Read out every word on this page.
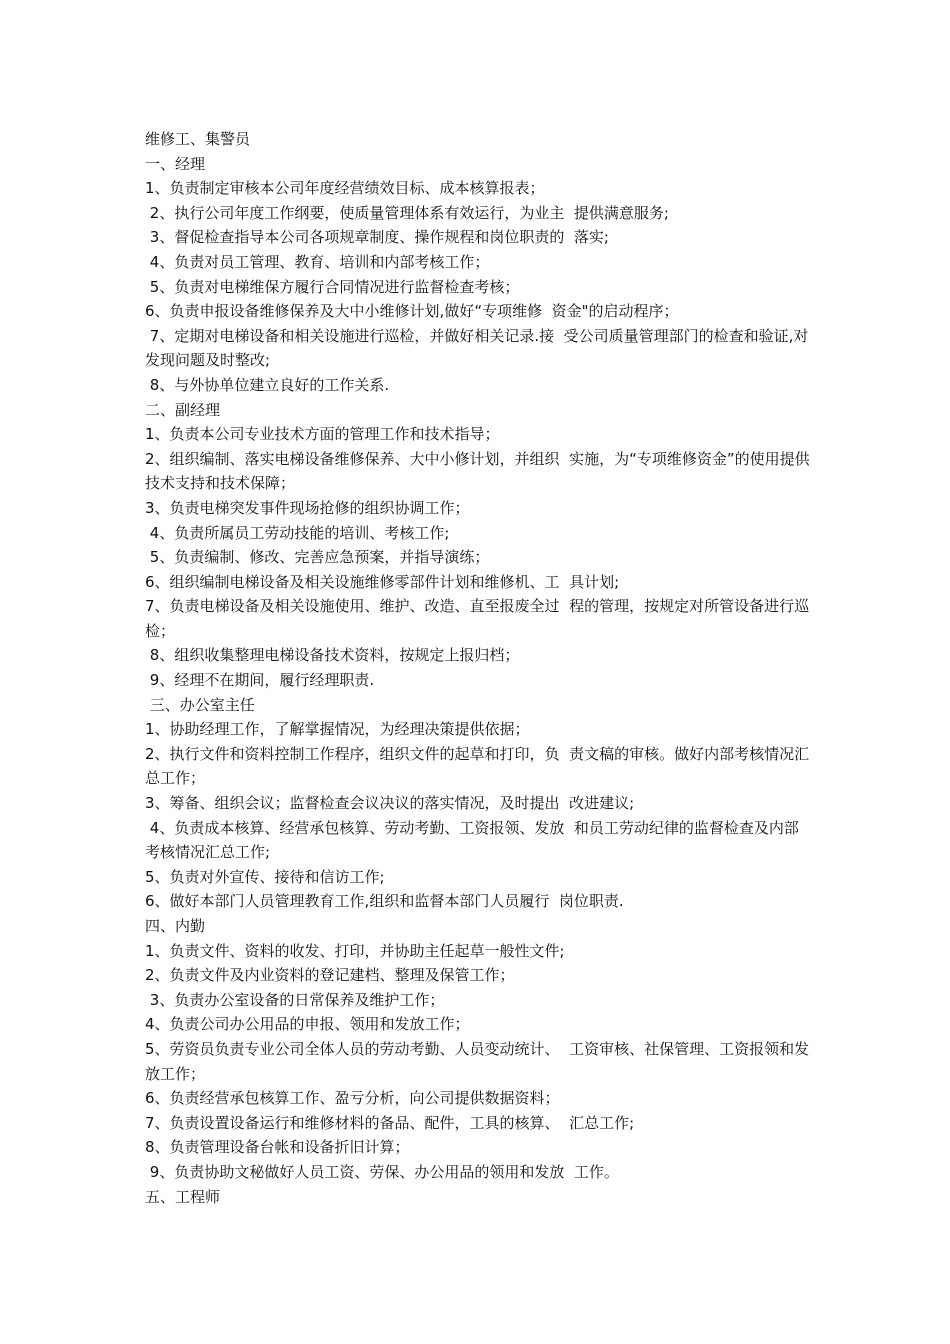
维修工、集警员

一、经理

1、负责制定审核本公司年度经营绩效目标、成本核算报表；

2、执行公司年度工作纲要，使质量管理体系有效运行，为业主  提供满意服务;

3、督促检查指导本公司各项规章制度、操作规程和岗位职责的  落实;

4、负责对员工管理、教育、培训和内部考核工作；

5、负责对电梯维保方履行合同情况进行监督检查考核；

6、负责申报设备维修保养及大中小维修计划,做好“专项维修  资金"的启动程序；

7、定期对电梯设备和相关设施进行巡检，并做好相关记录.接  受公司质量管理部门的检查和验证,对发现问题及时整改;

8、与外协单位建立良好的工作关系.

二、副经理

1、负责本公司专业技术方面的管理工作和技术指导；

2、组织编制、落实电梯设备维修保养、大中小修计划，并组织  实施，为“专项维修资金”的使用提供技术支持和技术保障；

3、负责电梯突发事件现场抢修的组织协调工作；

4、负责所属员工劳动技能的培训、考核工作;

5、负责编制、修改、完善应急预案，并指导演练；

6、组织编制电梯设备及相关设施维修零部件计划和维修机、工  具计划;

7、负责电梯设备及相关设施使用、维护、改造、直至报废全过  程的管理，按规定对所管设备进行巡检；

8、组织收集整理电梯设备技术资料，按规定上报归档；

9、经理不在期间，履行经理职责.

三、办公室主任

1、协助经理工作，了解掌握情况，为经理决策提供依据；

2、执行文件和资料控制工作程序，组织文件的起草和打印，负  责文稿的审核。做好内部考核情况汇总工作；

3、筹备、组织会议；监督检查会议决议的落实情况，及时提出  改进建议;

4、负责成本核算、经营承包核算、劳动考勤、工资报领、发放  和员工劳动纪律的监督检查及内部考核情况汇总工作;

5、负责对外宣传、接待和信访工作;

6、做好本部门人员管理教育工作,组织和监督本部门人员履行  岗位职责.

四、内勤

1、负责文件、资料的收发、打印，并协助主任起草一般性文件;

2、负责文件及内业资料的登记建档、整理及保管工作；

3、负责办公室设备的日常保养及维护工作；

4、负责公司办公用品的申报、领用和发放工作；

5、劳资员负责专业公司全体人员的劳动考勤、人员变动统计、  工资审核、社保管理、工资报领和发放工作；

6、负责经营承包核算工作、盈亏分析，向公司提供数据资料；

7、负责设置设备运行和维修材料的备品、配件，工具的核算、  汇总工作;

8、负责管理设备台帐和设备折旧计算；

9、负责协助文秘做好人员工资、劳保、办公用品的领用和发放  工作。

五、工程师
